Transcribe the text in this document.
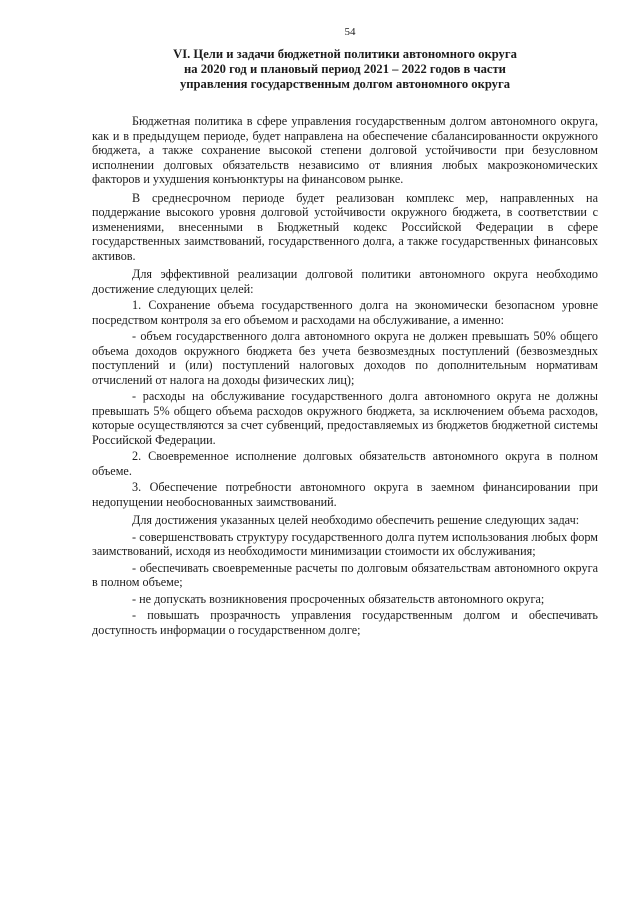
54
VI. Цели и задачи бюджетной политики автономного округа
на 2020 год и плановый период 2021 – 2022 годов в части
управления государственным долгом автономного округа

Бюджетная политика в сфере управления государственным долгом автономного округа, как и в предыдущем периоде, будет направлена на обеспечение сбалансированности окружного бюджета, а также сохранение высокой степени долговой устойчивости при безусловном исполнении долговых обязательств независимо от влияния любых макроэкономических факторов и ухудшения конъюнктуры на финансовом рынке.

В среднесрочном периоде будет реализован комплекс мер, направленных на поддержание высокого уровня долговой устойчивости окружного бюджета, в соответствии с изменениями, внесенными в Бюджетный кодекс Российской Федерации в сфере государственных заимствований, государственного долга, а также государственных финансовых активов.

Для эффективной реализации долговой политики автономного округа необходимо достижение следующих целей:

1. Сохранение объема государственного долга на экономически безопасном уровне посредством контроля за его объемом и расходами на обслуживание, а именно:

- объем государственного долга автономного округа не должен превышать 50% общего объема доходов окружного бюджета без учета безвозмездных поступлений (безвозмездных поступлений и (или) поступлений налоговых доходов по дополнительным нормативам отчислений от налога на доходы физических лиц);

- расходы на обслуживание государственного долга автономного округа не должны превышать 5% общего объема расходов окружного бюджета, за исключением объема расходов, которые осуществляются за счет субвенций, предоставляемых из бюджетов бюджетной системы Российской Федерации.

2. Своевременное исполнение долговых обязательств автономного округа в полном объеме.

3. Обеспечение потребности автономного округа в заемном финансировании при недопущении необоснованных заимствований.

Для достижения указанных целей необходимо обеспечить решение следующих задач:

- совершенствовать структуру государственного долга путем использования любых форм заимствований, исходя из необходимости минимизации стоимости их обслуживания;

- обеспечивать своевременные расчеты по долговым обязательствам автономного округа в полном объеме;

- не допускать возникновения просроченных обязательств автономного округа;

- повышать прозрачность управления государственным долгом и обеспечивать доступность информации о государственном долге;
